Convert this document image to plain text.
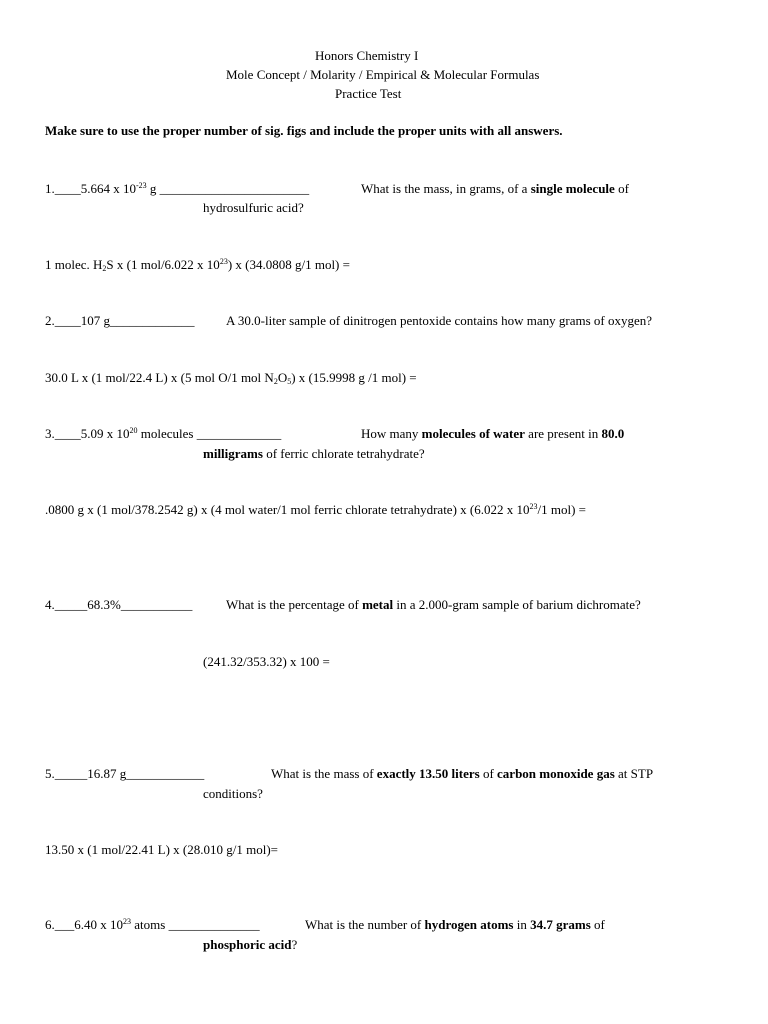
Honors Chemistry I
Mole Concept / Molarity / Empirical & Molecular Formulas
Practice Test
Make sure to use the proper number of sig. figs and include the proper units with all answers.
1.____5.664 x $10^{-23}$ g _______________________	What is the mass, in grams, of a single molecule of
hydrosulfuric acid?
1 molec. $H_2S$ x (1 mol/6.022 x $10^{23}$) x (34.0808 g/1 mol) =
2.____107 g_____________ A 30.0-liter sample of dinitrogen pentoxide contains how many grams of oxygen?
30.0 L x (1 mol/22.4 L) x (5 mol O/1 mol $N_2O_5$) x (15.9998 g /1 mol) =
3.____5.09 x $10^{20}$ molecules _____________	How many molecules of water are present in 80.0
milligrams of ferric chlorate tetrahydrate?
.0800 g x (1 mol/378.2542 g) x (4 mol water/1 mol ferric chlorate tetrahydrate) x (6.022 x $10^{23}/1$ mol) =
4._____68.3%___________	What is the percentage of metal in a 2.000-gram sample of barium dichromate?
(241.32/353.32) x 100 =
5._____16.87 g____________	What is the mass of exactly 13.50 liters of carbon monoxide gas at STP
conditions?
13.50 x (1 mol/22.41 L) x (28.010 g/1 mol)=
6.___6.40 x $10^{23}$ atoms ______________	What is the number of hydrogen atoms in 34.7 grams of
phosphoric acid?
